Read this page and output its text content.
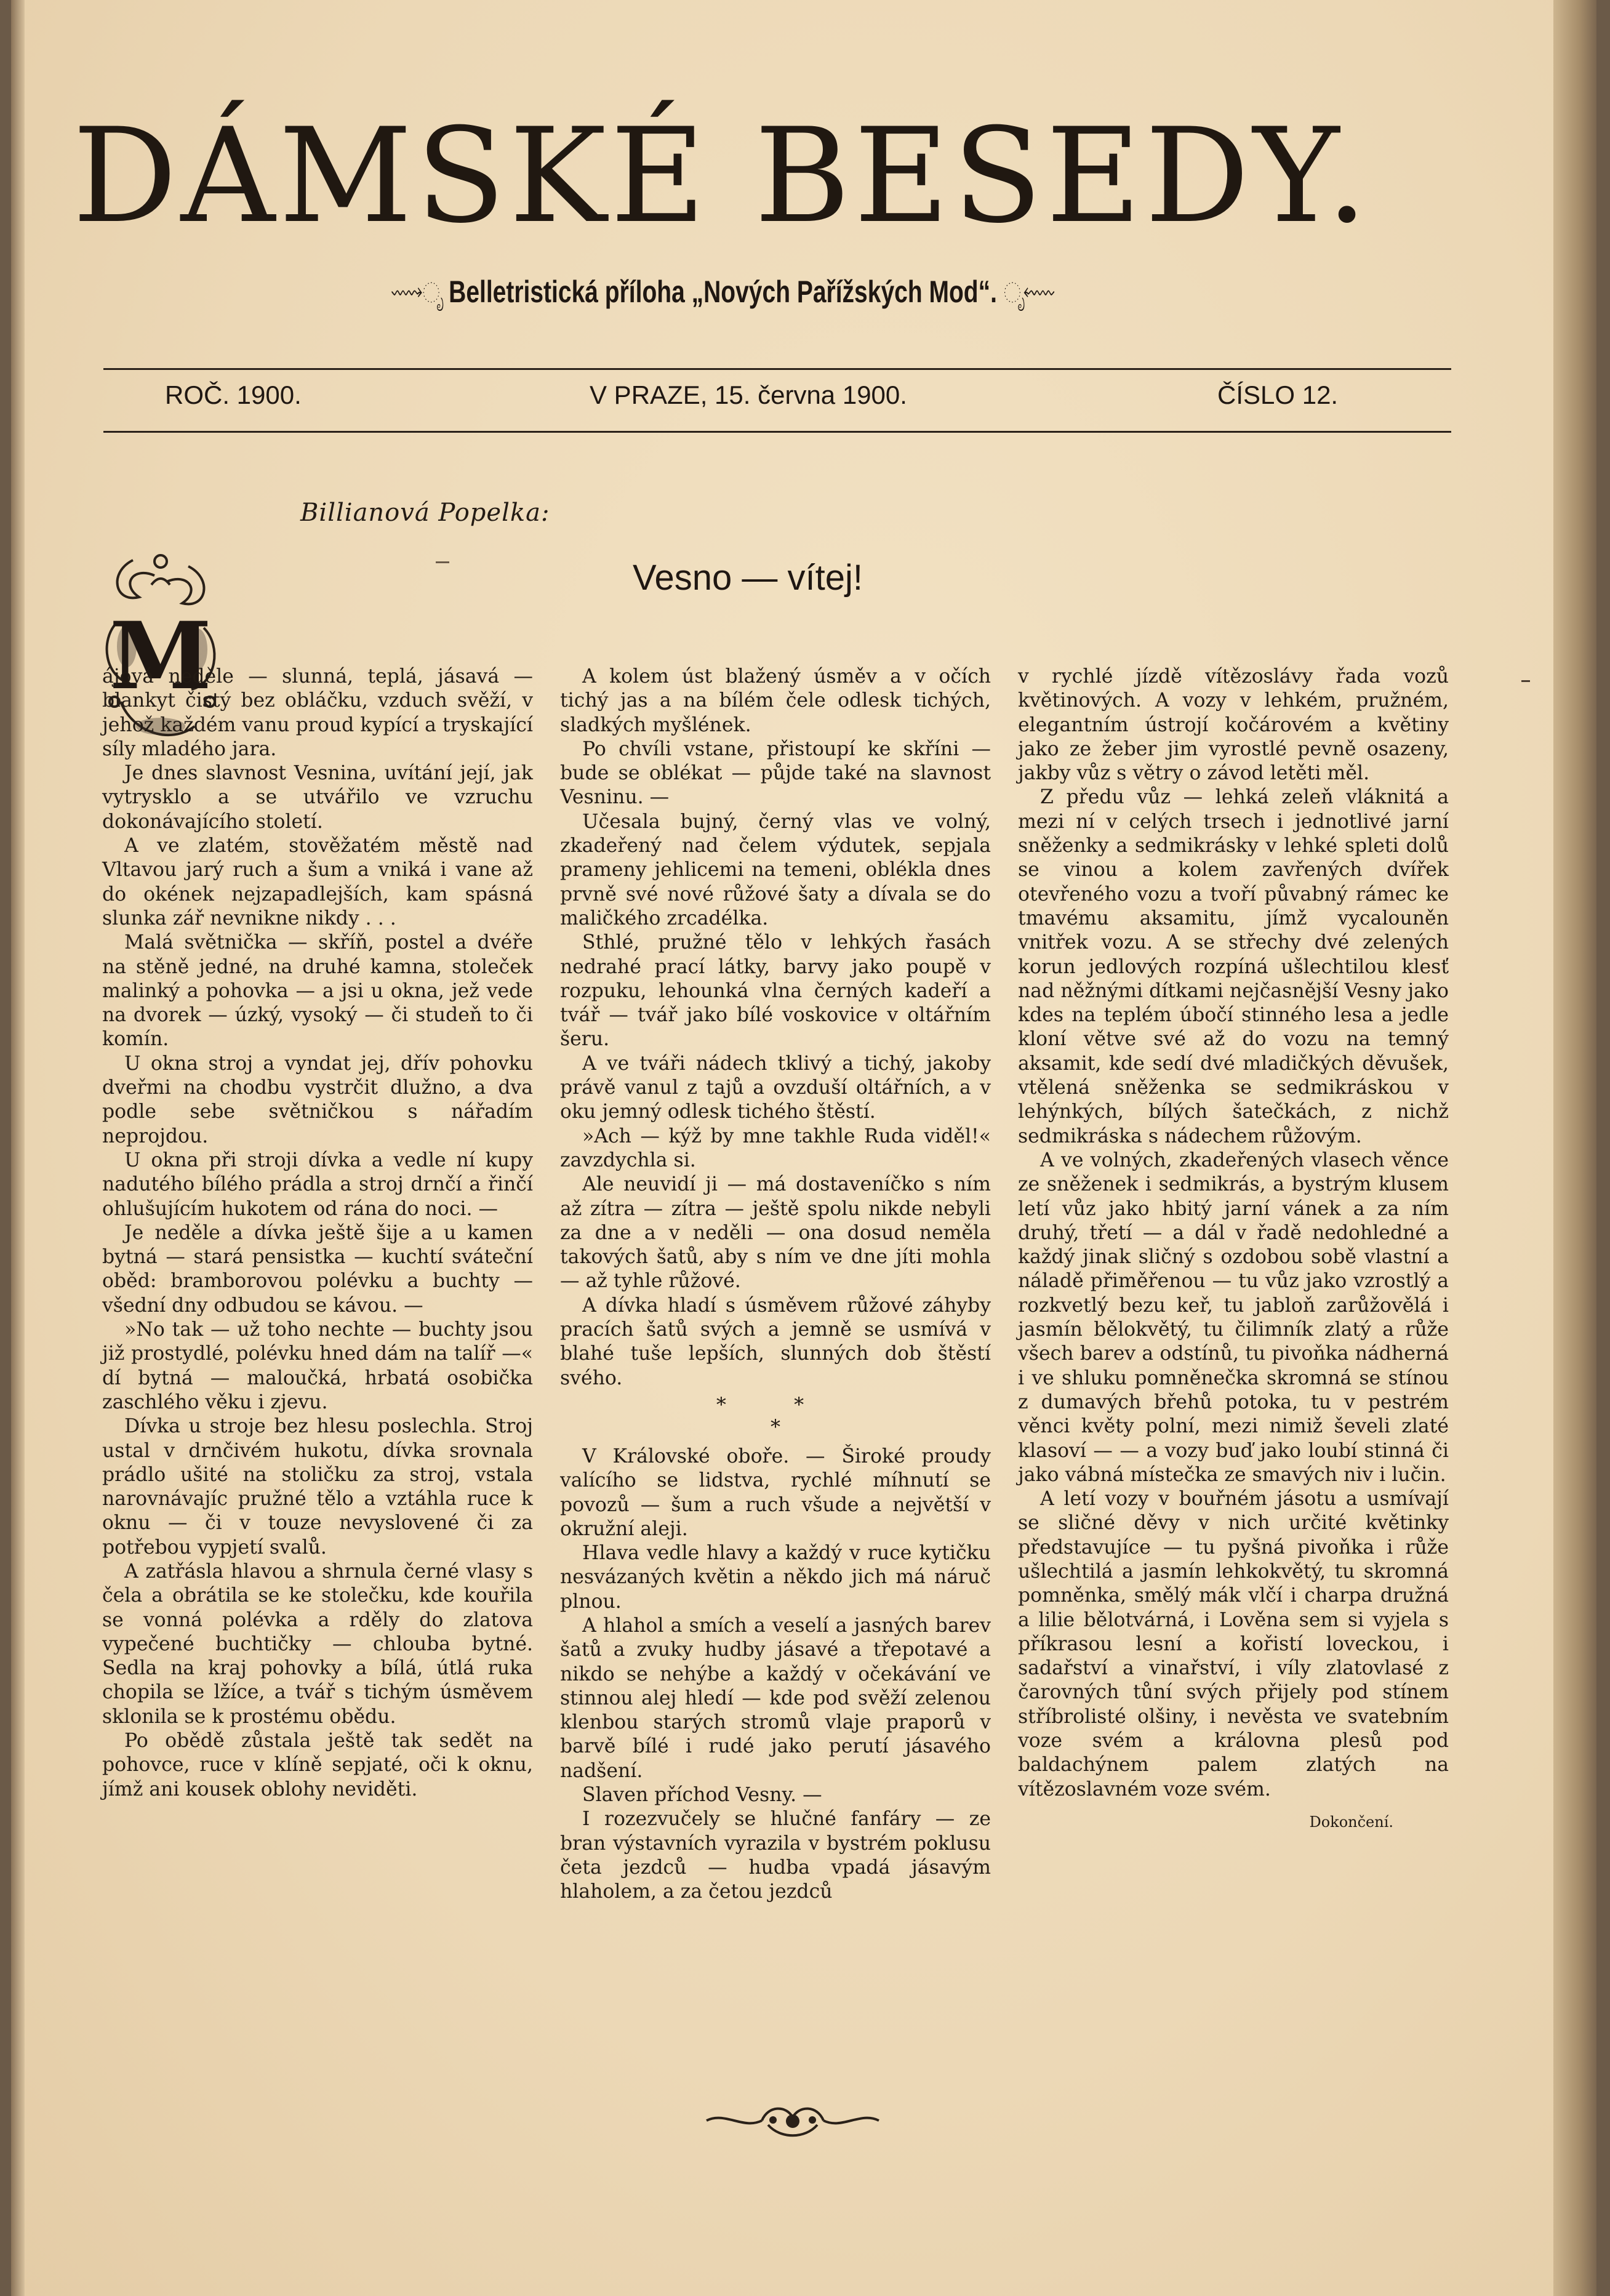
DÁMSKÉ BESEDY.
⟿ೃ Belletristická příloha „Nových Pařížských Mod“. ೃ⬳
ROČ. 1900.	V PRAZE, 15. června 1900.	ČÍSLO 12.
Billianová Popelka:
Vesno — vítej!
M

ájová neděle — slunná, teplá, jásavá — blankyt čistý bez obláčku, vzduch svěží, v jehož každém vanu proud kypící a tryskající síly mladého jara.

Je dnes slavnost Vesnina, uvítání její, jak vytrysklo a se utvářilo ve vzruchu dokonávajícího století.

A ve zlatém, stověžatém městě nad Vltavou jarý ruch a šum a vniká i vane až do okének nejzapadlejších, kam spásná slunka zář nevnikne nikdy . . .

Malá světnička — skříň, postel a dvéře na stěně jedné, na druhé kamna, stoleček malinký a pohovka — a jsi u okna, jež vede na dvorek — úzký, vysoký — či studeň to či komín.

U okna stroj a vyndat jej, dřív pohovku dveřmi na chodbu vystrčit dlužno, a dva podle sebe světničkou s nářadím neprojdou.

U okna při stroji dívka a vedle ní kupy nadutého bílého prádla a stroj drnčí a řinčí ohlušujícím hukotem od rána do noci. —

Je neděle a dívka ještě šije a u kamen bytná — stará pensistka — kuchtí sváteční oběd: bramborovou polévku a buchty — všední dny odbudou se kávou. —

»No tak — už toho nechte — buchty jsou již prostydlé, polévku hned dám na talíř —« dí bytná — maloučká, hrbatá osobička zaschlého věku i zjevu.

Dívka u stroje bez hlesu poslechla. Stroj ustal v drnčivém hukotu, dívka srovnala prádlo ušité na stoličku za stroj, vstala narovnávajíc pružné tělo a vztáhla ruce k oknu — či v touze nevyslovené či za potřebou vypjetí svalů.

A zatřásla hlavou a shrnula černé vlasy s čela a obrátila se ke stolečku, kde kouřila se vonná polévka a rděly do zlatova vypečené buchtičky — chlouba bytné. Sedla na kraj pohovky a bílá, útlá ruka chopila se lžíce, a tvář s tichým úsměvem sklonila se k prostému obědu.

Po obědě zůstala ještě tak sedět na pohovce, ruce v klíně sepjaté, oči k oknu, jímž ani kousek oblohy neviděti.

A kolem úst blažený úsměv a v očích tichý jas a na bílém čele odlesk tichých, sladkých myšlének.

Po chvíli vstane, přistoupí ke skříni — bude se oblékat — půjde také na slavnost Vesninu. —

Učesala bujný, černý vlas ve volný, zkadeřený nad čelem výdutek, sepjala prameny jehlicemi na temeni, oblékla dnes prvně své nové růžové šaty a dívala se do maličkého zrcadélka.

Sthlé, pružné tělo v lehkých řasách nedrahé prací látky, barvy jako poupě v rozpuku, lehounká vlna černých kadeří a tvář — tvář jako bílé voskovice v oltářním šeru.

A ve tváři nádech tklivý a tichý, jakoby právě vanul z tajů a ovzduší oltářních, a v oku jemný odlesk tichého štěstí.

»Ach — kýž by mne takhle Ruda viděl!« zavzdychla si.

Ale neuvidí ji — má dostaveníčko s ním až zítra — zítra — ještě spolu nikde nebyli za dne a v neděli — ona dosud neměla takových šatů, aby s ním ve dne jíti mohla — až tyhle růžové.

A dívka hladí s úsměvem růžové záhyby pracích šatů svých a jemně se usmívá v blahé tuše lepších, slunných dob štěstí svého.

* *
*

V Královské oboře. — Široké proudy valícího se lidstva, rychlé míhnutí se povozů — šum a ruch všude a největší v okružní aleji.

Hlava vedle hlavy a každý v ruce kytičku nesvázaných květin a někdo jich má náruč plnou.

A hlahol a smích a veselí a jasných barev šatů a zvuky hudby jásavé a třepotavé a nikdo se nehýbe a každý v očekávání ve stinnou alej hledí — kde pod svěží zelenou klenbou starých stromů vlaje praporů v barvě bílé i rudé jako perutí jásavého nadšení.

Slaven příchod Vesny. —

I rozezvučely se hlučné fanfáry — ze bran výstavních vyrazila v bystrém poklusu četa jezdců — hudba vpadá jásavým hlaholem, a za četou jezdců

v rychlé jízdě vítězoslávy řada vozů květinových. A vozy v lehkém, pružném, elegantním ústrojí kočárovém a květiny jako ze žeber jim vyrostlé pevně osazeny, jakby vůz s větry o závod letěti měl.

Z předu vůz — lehká zeleň vláknitá a mezi ní v celých trsech i jednotlivé jarní sněženky a sedmikrásky v lehké spleti dolů se vinou a kolem zavřených dvířek otevřeného vozu a tvoří půvabný rámec ke tmavému aksamitu, jímž vycalouněn vnitřek vozu. A se střechy dvé zelených korun jedlových rozpíná ušlechtilou klesť nad něžnými dítkami nejčasnější Vesny jako kdes na teplém úbočí stinného lesa a jedle kloní větve své až do vozu na temný aksamit, kde sedí dvé mladičkých děvušek, vtělená sněženka se sedmikráskou v lehýnkých, bílých šatečkách, z nichž sedmikráska s nádechem růžovým.

A ve volných, zkadeřených vlasech věnce ze sněženek i sedmikrás, a bystrým klusem letí vůz jako hbitý jarní vánek a za ním druhý, třetí — a dál v řadě nedohledné a každý jinak sličný s ozdobou sobě vlastní a náladě přiměřenou — tu vůz jako vzrostlý a rozkvetlý bezu keř, tu jabloň zarůžovělá i jasmín bělokvětý, tu čilimník zlatý a růže všech barev a odstínů, tu pivoňka nádherná i ve shluku pomněnečka skromná se stínou z dumavých břehů potoka, tu v pestrém věnci květy polní, mezi nimiž ševeli zlaté klasoví — — a vozy buď jako loubí stinná či jako vábná místečka ze smavých niv i lučin.

A letí vozy v bouřném jásotu a usmívají se sličné děvy v nich určité květinky představujíce — tu pyšná pivoňka i růže ušlechtilá a jasmín lehkokvětý, tu skromná pomněnka, smělý mák vlčí i charpa družná a lilie bělotvárná, i Lověna sem si vyjela s příkrasou lesní a kořistí loveckou, i sadařství a vinařství, i víly zlatovlasé z čarovných tůní svých přijely pod stínem stříbrolisté olšiny, i nevěsta ve svatebním voze svém a královna plesů pod baldachýnem palem zlatých na vítězoslavném voze svém.

Dokončení.
